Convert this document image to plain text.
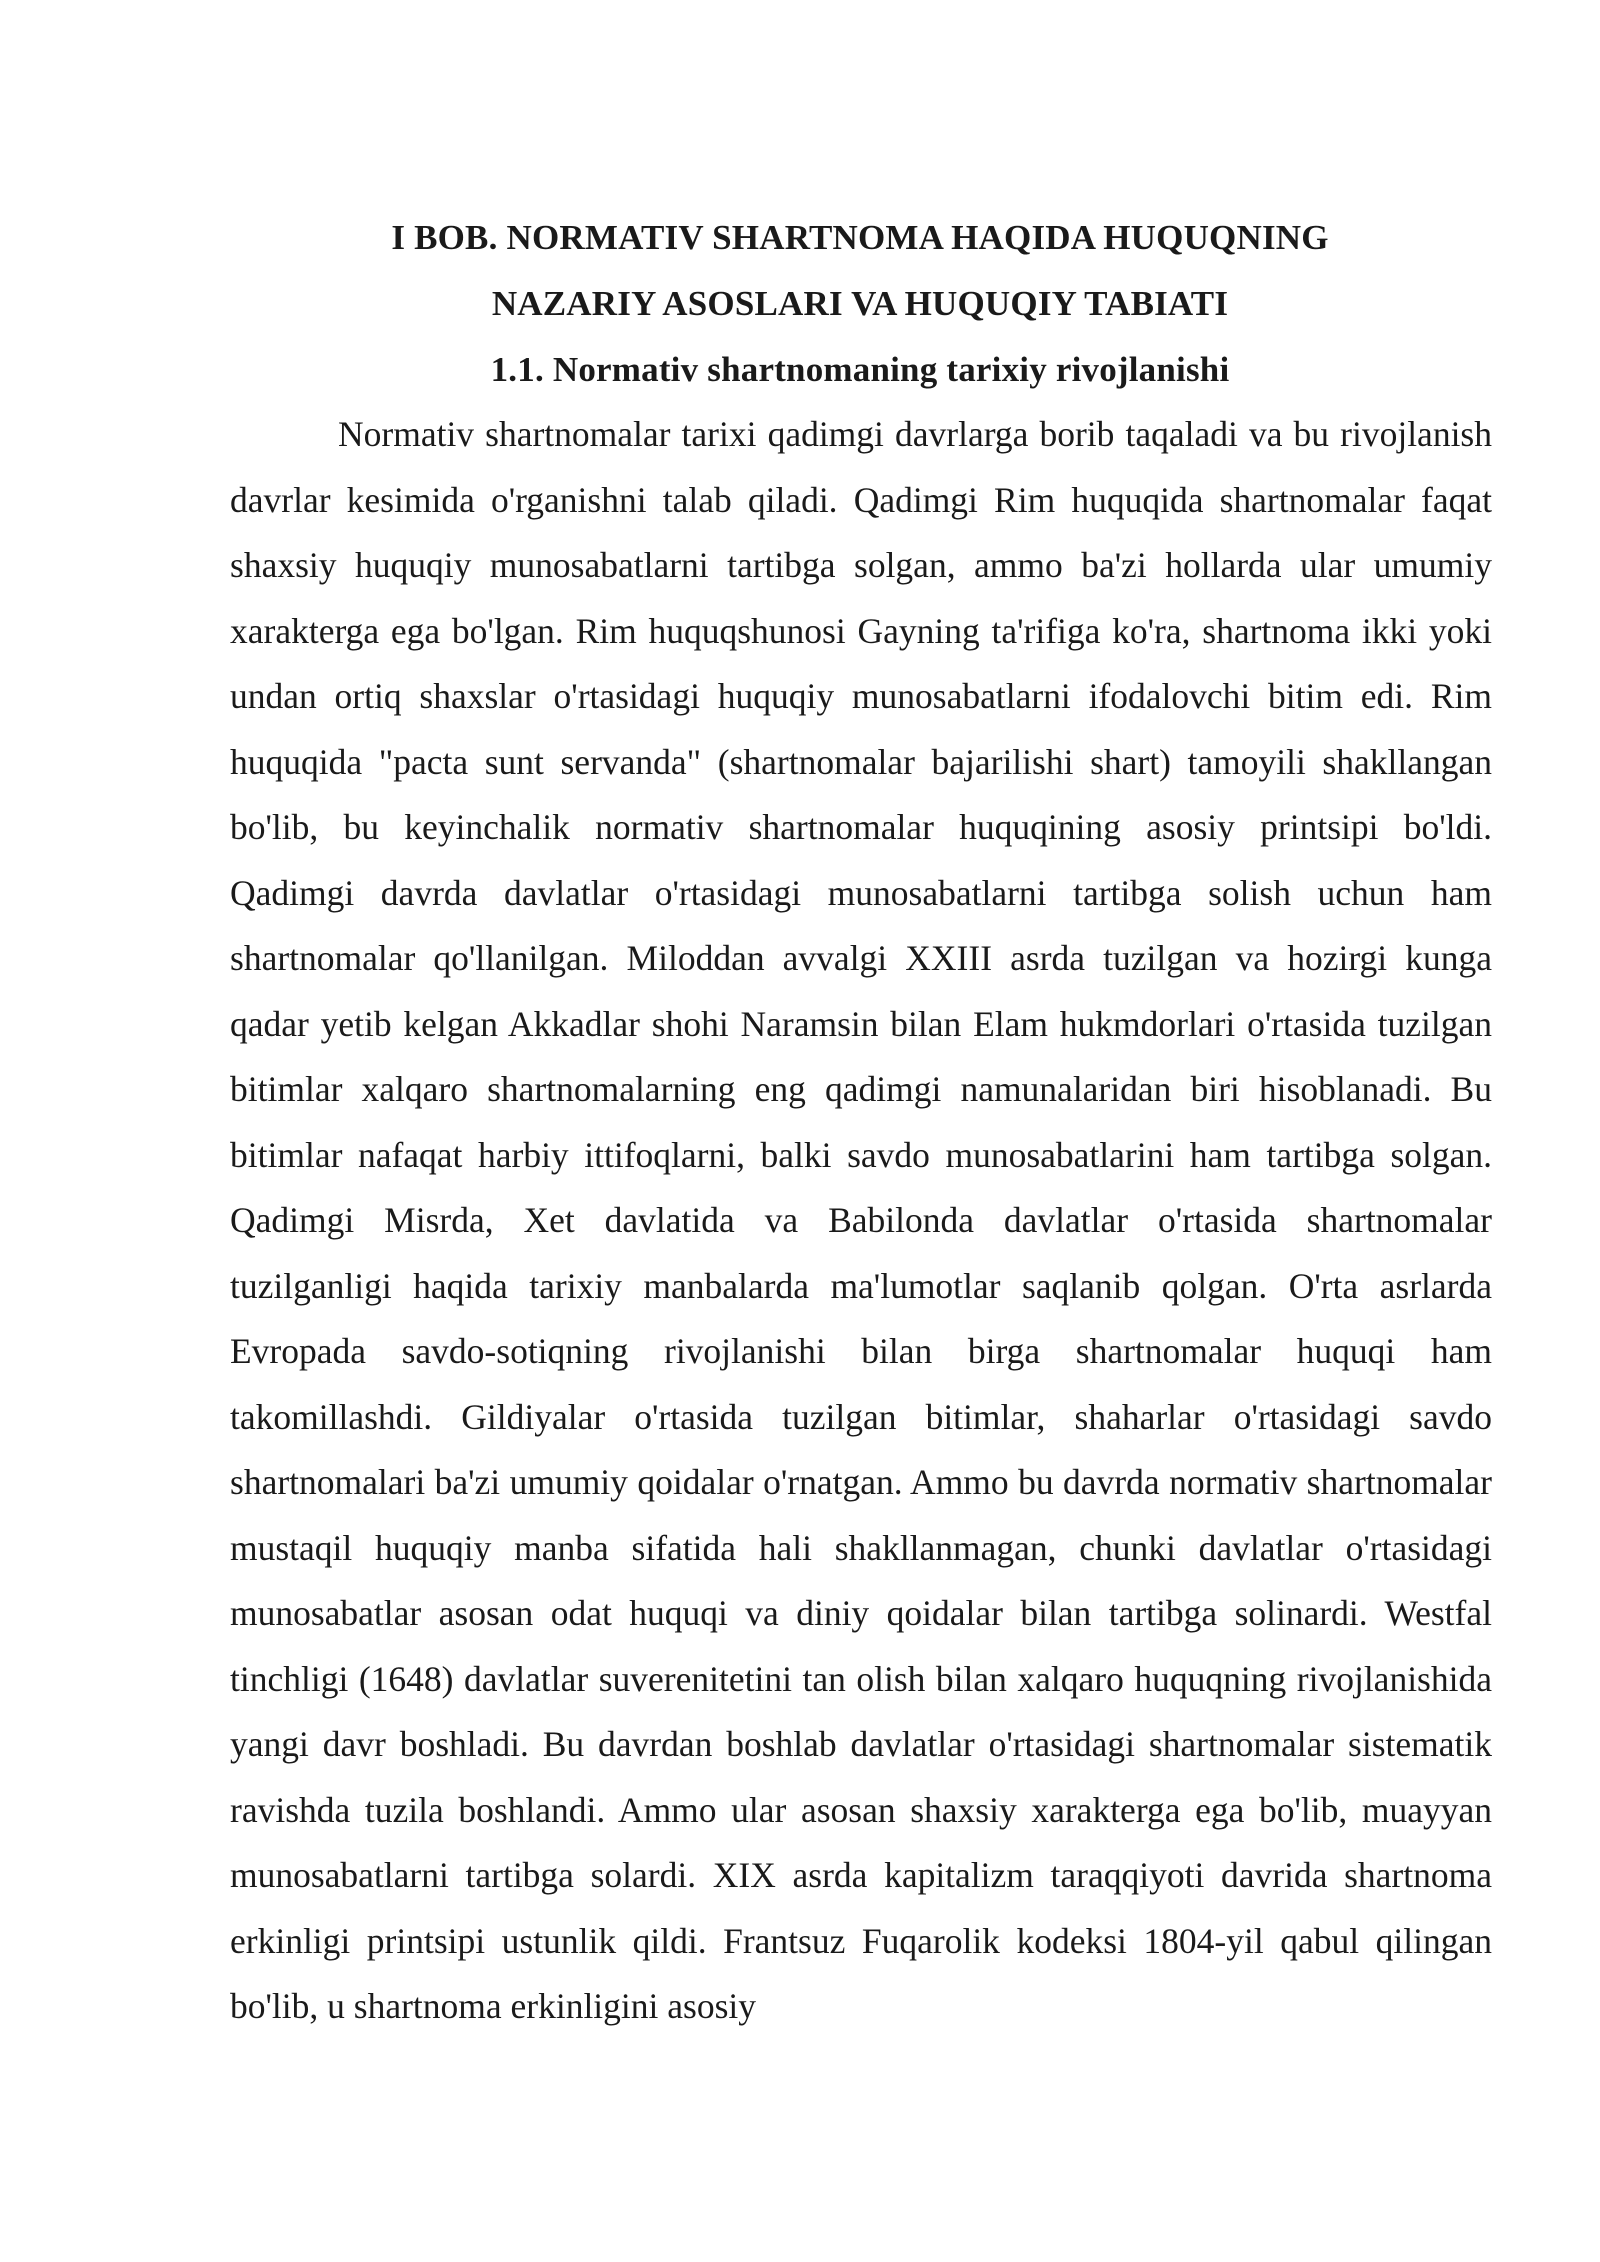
I BOB. NORMATIV SHARTNOMA HAQIDA HUQUQNING
NAZARIY ASOSLARI VA HUQUQIY TABIATI
1.1. Normativ shartnomaning tarixiy rivojlanishi

Normativ shartnomalar tarixi qadimgi davrlarga borib taqaladi va bu rivojlanish davrlar kesimida o'rganishni talab qiladi. Qadimgi Rim huquqida shartnomalar faqat shaxsiy huquqiy munosabatlarni tartibga solgan, ammo ba'zi hollarda ular umumiy xarakterga ega bo'lgan. Rim huquqshunosi Gayning ta'rifiga ko'ra, shartnoma ikki yoki undan ortiq shaxslar o'rtasidagi huquqiy munosabatlarni ifodalovchi bitim edi. Rim huquqida "pacta sunt servanda" (shartnomalar bajarilishi shart) tamoyili shakllangan bo'lib, bu keyinchalik normativ shartnomalar huquqining asosiy printsipi bo'ldi. Qadimgi davrda davlatlar o'rtasidagi munosabatlarni tartibga solish uchun ham shartnomalar qo'llanilgan. Miloddan avvalgi XXIII asrda tuzilgan va hozirgi kunga qadar yetib kelgan Akkadlar shohi Naramsin bilan Elam hukmdorlari o'rtasida tuzilgan bitimlar xalqaro shartnomalarning eng qadimgi namunalaridan biri hisoblanadi. Bu bitimlar nafaqat harbiy ittifoqlarni, balki savdo munosabatlarini ham tartibga solgan. Qadimgi Misrda, Xet davlatida va Babilonda davlatlar o'rtasida shartnomalar tuzilganligi haqida tarixiy manbalarda ma'lumotlar saqlanib qolgan. O'rta asrlarda Evropada savdo-sotiqning rivojlanishi bilan birga shartnomalar huquqi ham takomillashdi. Gildiyalar o'rtasida tuzilgan bitimlar, shaharlar o'rtasidagi savdo shartnomalari ba'zi umumiy qoidalar o'rnatgan. Ammo bu davrda normativ shartnomalar mustaqil huquqiy manba sifatida hali shakllanmagan, chunki davlatlar o'rtasidagi munosabatlar asosan odat huquqi va diniy qoidalar bilan tartibga solinardi. Westfal tinchligi (1648) davlatlar suverenitetini tan olish bilan xalqaro huquqning rivojlanishida yangi davr boshladi. Bu davrdan boshlab davlatlar o'rtasidagi shartnomalar sistematik ravishda tuzila boshlandi. Ammo ular asosan shaxsiy xarakterga ega bo'lib, muayyan munosabatlarni tartibga solardi. XIX asrda kapitalizm taraqqiyoti davrida shartnoma erkinligi printsipi ustunlik qildi. Frantsuz Fuqarolik kodeksi 1804-yil qabul qilingan bo'lib, u shartnoma erkinligini asosiy
